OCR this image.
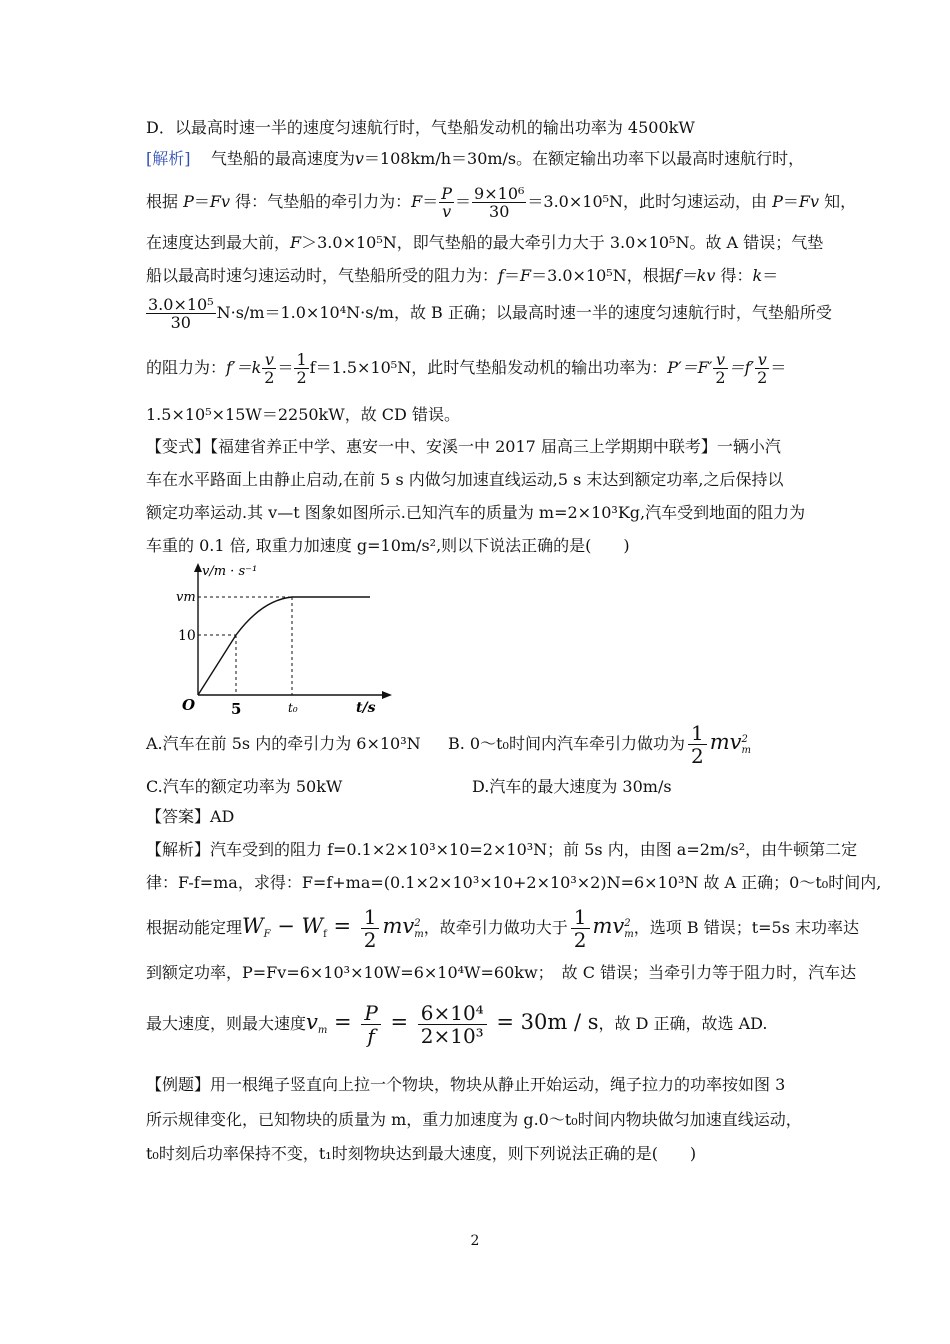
D．以最高时速一半的速度匀速航行时，气垫船发动机的输出功率为 4500kW
[解析] 气垫船的最高速度为v＝108km/h＝30m/s。在额定输出功率下以最高时速航行时，
根据 P＝Fv 得：气垫船的牵引力为：$F= \frac{P}{v} = \frac{\text{9×10⁶}}{30} =3.0\times 10^5N$，此时匀速运动，由 P＝Fv 知，
在速度达到最大前，F＞3.0×10⁵N，即气垫船的最大牵引力大于 3.0×10⁵N。故 A 错误；气垫
船以最高时速匀速运动时，气垫船所受的阻力为：f＝F＝3.0×10⁵N，根据f＝kv 得：k＝
$\frac{\text{3.0×10⁵}}{30} N\cdot s/m=1.0\times 10^4N\cdot s/m$，故 B 正确；以最高时速一半的速度匀速航行时，气垫船所受
的阻力为：$f'=k \frac{v}{2} = \frac{1}{2} f=1.5\times 10^5N$，此时气垫船发动机的输出功率为：$P'=F' \frac{v}{2} =f' \frac{v}{2}$ ＝
1.5×10⁵×15W＝2250kW，故 CD 错误。
【变式】【福建省养正中学、惠安一中、安溪一中 2017 届高三上学期期中联考】一辆小汽
车在水平路面上由静止启动,在前 5 s 内做匀加速直线运动,5 s 末达到额定功率,之后保持以
额定功率运动.其 v—t 图象如图所示.已知汽车的质量为 m=2×10³Kg,汽车受到地面的阻力为
车重的 0.1 倍, 取重力加速度 g=10m/s²,则以下说法正确的是(　　)
v/m · s⁻¹
vm
10
O 5	t₀	t/s
A.汽车在前 5s 内的牵引力为 6×10³N B. 0～t₀时间内汽车牵引力做功为 $\frac{1}{2}$ mv 2
m
C.汽车的额定功率为 50kW	D.汽车的最大速度为 30m/s
【答案】AD
【解析】汽车受到的阻力 f=0.1×2×10³×10=2×10³N；前 5s 内，由图 a=2m/s²，由牛顿第二定
律：F-f=ma，求得：F=f+ma=(0.1×2×10³×10+2×10³×2)N=6×10³N 故 A 正确；0～t₀时间内,
根据动能定理$W_F - W_f = \frac{1}{2}$ mv 2
m ，故牵引力做功大于 $\frac{1}{2}$ mv 2
m ，选项 B 错误；t=5s 末功率达
到额定功率，P=Fv=6×10³×10W=6×10⁴W=60kw；　故 C 错误；当牵引力等于阻力时，汽车达
最大速度，则最大速度$v_m = \frac{P}{f} = \frac{\text{6×10⁴}}{\text{2×10³}} = 30m / s$，故 D 正确，故选 AD.
【例题】用一根绳子竖直向上拉一个物块，物块从静止开始运动，绳子拉力的功率按如图 3
所示规律变化，已知物块的质量为 m，重力加速度为 g.0～t₀时间内物块做匀加速直线运动，
t₀时刻后功率保持不变，t₁时刻物块达到最大速度，则下列说法正确的是(　　)
2
